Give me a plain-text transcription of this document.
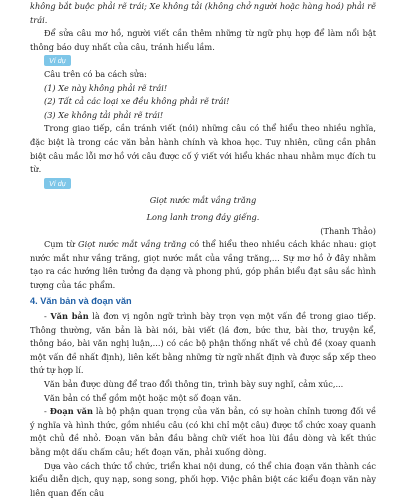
không bắt buộc phải rẽ trái; Xe không tải (không chở người hoặc hàng hoá) phải rẽ trái.

Để sửa câu mơ hồ, người viết cần thêm những từ ngữ phụ hợp để làm nổi bật thông báo duy nhất của câu, tránh hiểu lầm.

Ví dụ

Câu trên có ba cách sửa:

(1) Xe này không phải rẽ trái!

(2) Tất cả các loại xe đều không phải rẽ trái!

(3) Xe không tải phải rẽ trái!

Trong giao tiếp, cần tránh viết (nói) những câu có thể hiểu theo nhiều nghĩa, đặc biệt là trong các văn bản hành chính và khoa học. Tuy nhiên, cũng cần phân biệt câu mắc lỗi mơ hồ với câu được cố ý viết với hiểu khác nhau nhằm mục đích tu từ.

Ví dụ

Giọt nước mắt vầng trăng

Long lanh trong đáy giếng.

(Thanh Thảo)

Cụm từ Giọt nước mắt vầng trăng có thể hiểu theo nhiều cách khác nhau: giọt nước mắt như vầng trăng, giọt nước mắt của vầng trăng,... Sự mơ hồ ở đây nhằm tạo ra các hướng liên tưởng đa dạng và phong phú, góp phần biểu đạt sâu sắc hình tượng của tác phẩm.

4. Văn bản và đoạn văn

- Văn bản là đơn vị ngôn ngữ trình bày trọn vẹn một vấn đề trong giao tiếp. Thông thường, văn bản là bài nói, bài viết (lá đơn, bức thư, bài thơ, truyện kể, thông báo, bài văn nghị luận,...) có các bộ phận thống nhất về chủ đề (xoay quanh một vấn đề nhất định), liên kết bằng những từ ngữ nhất định và được sắp xếp theo thứ tự hợp lí.

Văn bản được dùng để trao đổi thông tin, trình bày suy nghĩ, cảm xúc,...

Văn bản có thể gồm một hoặc một số đoạn văn.

- Đoạn văn là bộ phận quan trọng của văn bản, có sự hoàn chỉnh tương đối về ý nghĩa và hình thức, gồm nhiều câu (có khi chỉ một câu) được tổ chức xoay quanh một chủ đề nhỏ. Đoạn văn bản đầu bằng chữ viết hoa lùi đầu dòng và kết thúc bằng một dấu chấm câu; hết đoạn văn, phải xuống dòng.

Dựa vào cách thức tổ chức, triển khai nội dung, có thể chia đoạn văn thành các kiểu diễn dịch, quy nạp, song song, phối hợp. Việc phân biệt các kiểu đoạn văn này liên quan đến câu
